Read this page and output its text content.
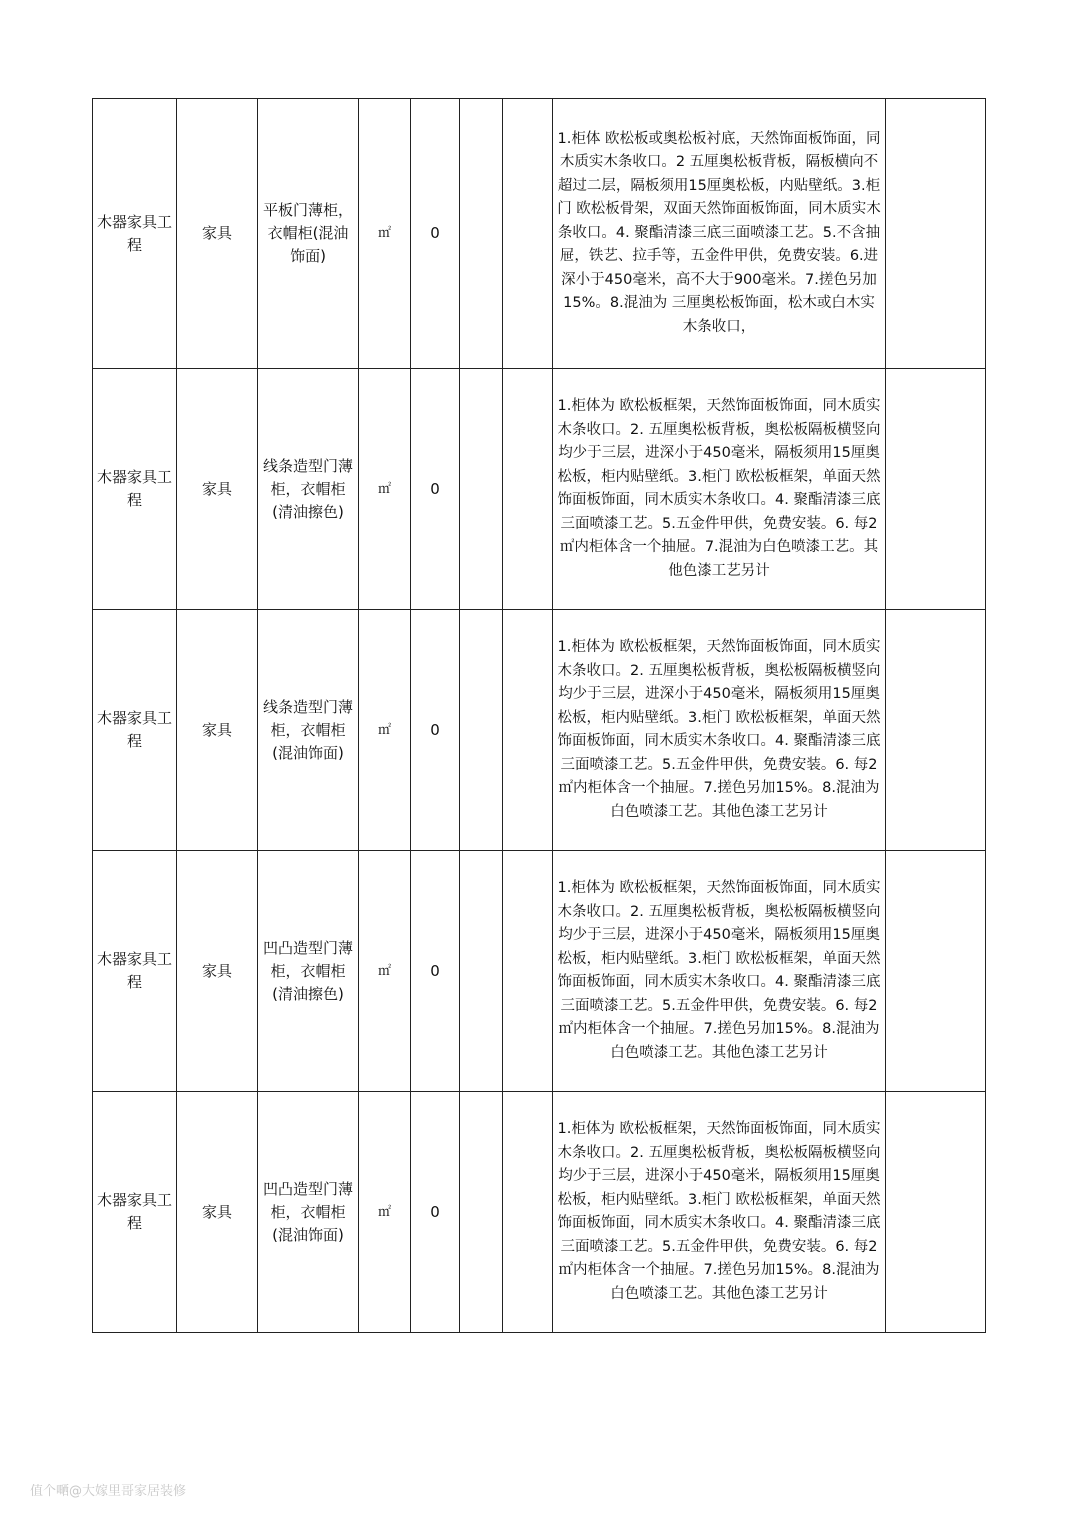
木器家具工程	家具	平板门薄柜，衣帽柜(混油饰面)	㎡	0			1.柜体 欧松板或奥松板衬底，天然饰面板饰面，同木质实木条收口。2 五厘奥松板背板，隔板横向不超过二层，隔板须用15厘奥松板，内贴壁纸。3.柜门 欧松板骨架，双面天然饰面板饰面，同木质实木条收口。4. 聚酯清漆三底三面喷漆工艺。5.不含抽屉，铁艺、拉手等，五金件甲供，免费安装。6.进深小于450毫米，高不大于900毫米。7.搓色另加15%。8.混油为 三厘奥松板饰面，松木或白木实木条收口，	
木器家具工程	家具	线条造型门薄柜，衣帽柜(清油擦色)	㎡	0			1.柜体为 欧松板框架，天然饰面板饰面，同木质实木条收口。2. 五厘奥松板背板，奥松板隔板横竖向均少于三层，进深小于450毫米，隔板须用15厘奥松板，柜内贴壁纸。3.柜门 欧松板框架，单面天然饰面板饰面，同木质实木条收口。4. 聚酯清漆三底三面喷漆工艺。5.五金件甲供，免费安装。6. 每2㎡内柜体含一个抽屉。7.混油为白色喷漆工艺。其他色漆工艺另计	
木器家具工程	家具	线条造型门薄柜，衣帽柜(混油饰面)	㎡	0			1.柜体为 欧松板框架，天然饰面板饰面，同木质实木条收口。2. 五厘奥松板背板，奥松板隔板横竖向均少于三层，进深小于450毫米，隔板须用15厘奥松板，柜内贴壁纸。3.柜门 欧松板框架，单面天然饰面板饰面，同木质实木条收口。4. 聚酯清漆三底三面喷漆工艺。5.五金件甲供，免费安装。6. 每2㎡内柜体含一个抽屉。7.搓色另加15%。8.混油为白色喷漆工艺。其他色漆工艺另计	
木器家具工程	家具	凹凸造型门薄柜，衣帽柜(清油擦色)	㎡	0			1.柜体为 欧松板框架，天然饰面板饰面，同木质实木条收口。2. 五厘奥松板背板，奥松板隔板横竖向均少于三层，进深小于450毫米，隔板须用15厘奥松板，柜内贴壁纸。3.柜门 欧松板框架，单面天然饰面板饰面，同木质实木条收口。4. 聚酯清漆三底三面喷漆工艺。5.五金件甲供，免费安装。6. 每2㎡内柜体含一个抽屉。7.搓色另加15%。8.混油为白色喷漆工艺。其他色漆工艺另计	
木器家具工程	家具	凹凸造型门薄柜，衣帽柜(混油饰面)	㎡	0			1.柜体为 欧松板框架，天然饰面板饰面，同木质实木条收口。2. 五厘奥松板背板，奥松板隔板横竖向均少于三层，进深小于450毫米，隔板须用15厘奥松板，柜内贴壁纸。3.柜门 欧松板框架，单面天然饰面板饰面，同木质实木条收口。4. 聚酯清漆三底三面喷漆工艺。5.五金件甲供，免费安装。6. 每2㎡内柜体含一个抽屉。7.搓色另加15%。8.混油为白色喷漆工艺。其他色漆工艺另计	
值个嗮@大嫁里哥家居装修
